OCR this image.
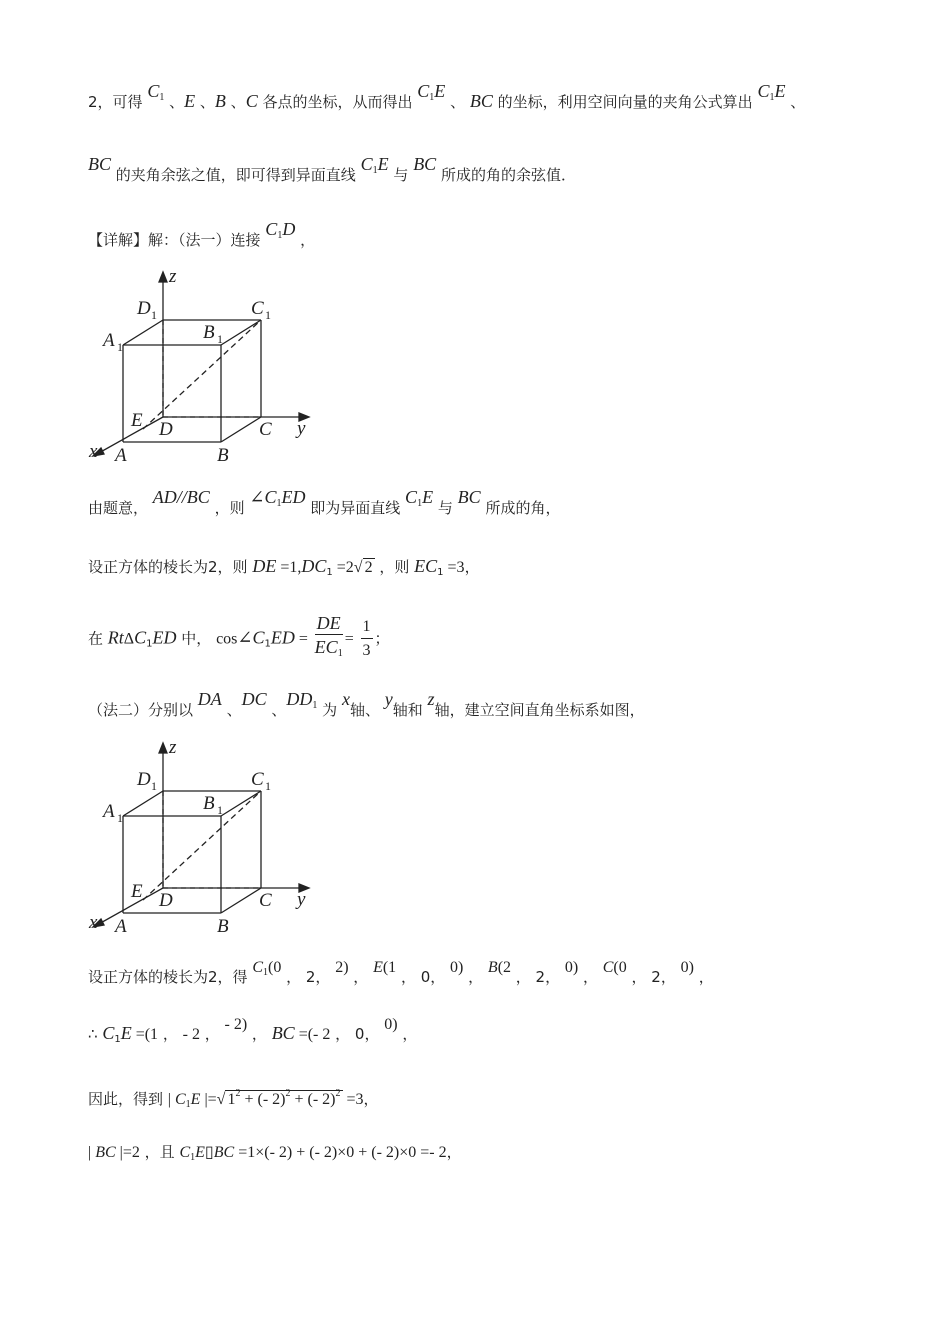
2，可得 $C_1$ 、E 、B 、C 各点的坐标，从而得出 $C_1E$ 、 BC 的坐标，利用空间向量的夹角公式算出 $C_1E$ 、
BC 的夹角余弦之值，即可得到异面直线 $C_1E$ 与 BC 所成的角的余弦值．
【详解】解：（法一）连接 $C_1D$ ，
z
D 1	C 1
A 1
B 1
E D	C y
x A	B
由题意， AD//BC ，则 $\angle C_1ED$ 即为异面直线 $C_1E$ 与 BC 所成的角，
设正方体的棱长为2，则 DE $=1,DC_1 =2√$ 2 ，则 $EC_1 =3$，
在 RtΔC$_1$ED 中， $\cos\angle C_1ED = \frac{DE}{EC_1} = \frac{1}{3}$ ；
（法二）分别以 DA 、DC 、$DD_1$ 为 x轴、 y轴和 z轴，建立空间直角坐标系如图，
z
D 1	C 1
A 1
B 1
E D	C y
x A	B
设正方体的棱长为2，得 $C_1(0$ ， 2， 2) ， E(1 ， 0， 0) ， B(2 ， 2， 0) ， C(0 ， 2， 0) ，
∴ $C_1E =(1$ ， - 2 ， - 2) ， BC =(- 2 ， 0， 0) ，
因此，得到 | $C_1E$ |=√ $1^2$ + (- 2)$^2$ + (- 2)$^2$ =3，
| BC |=2 ，且 $C_1E▯BC =1\times(-$ 2) + (- 2)×0 + (- 2)×0 =- 2，
